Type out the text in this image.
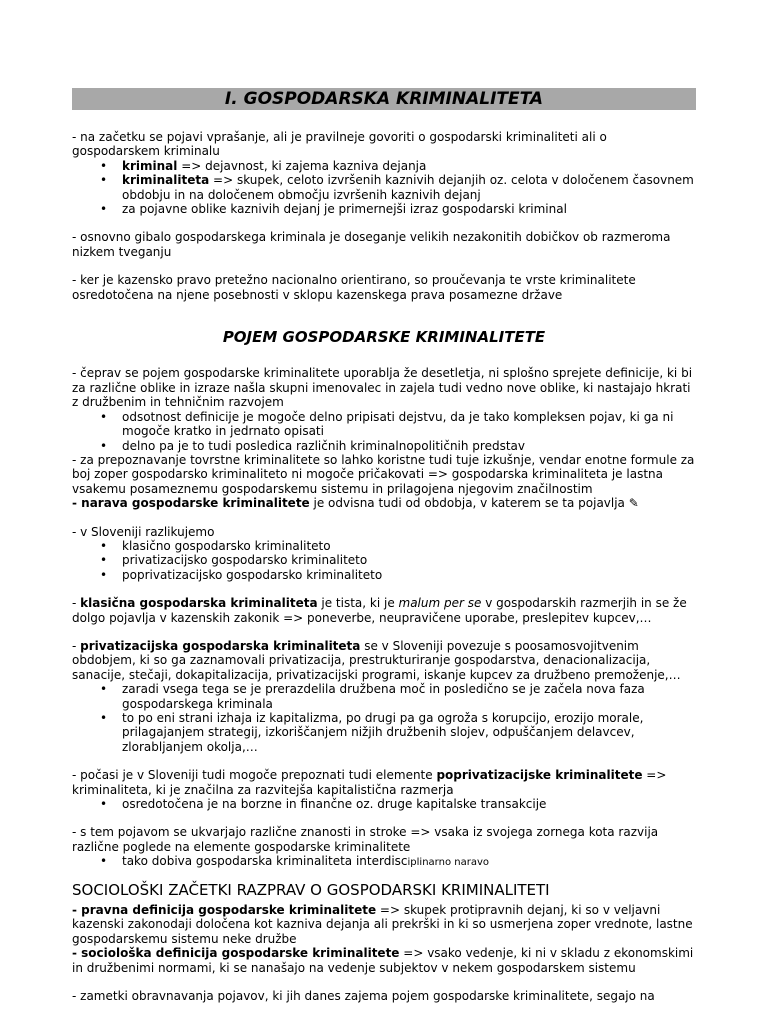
I. GOSPODARSKA KRIMINALITETA

- na začetku se pojavi vprašanje, ali je pravilneje govoriti o gospodarski kriminaliteti ali o gospodarskem kriminalu

• kriminal => dejavnost, ki zajema kazniva dejanja
• kriminaliteta => skupek, celoto izvršenih kaznivih dejanjih oz. celota v določenem časovnem obdobju in na določenem območju izvršenih kaznivih dejanj
• za pojavne oblike kaznivih dejanj je primernejši izraz gospodarski kriminal

- osnovno gibalo gospodarskega kriminala je doseganje velikih nezakonitih dobičkov ob razmeroma nizkem tveganju

- ker je kazensko pravo pretežno nacionalno orientirano, so proučevanja te vrste kriminalitete osredotočena na njene posebnosti v sklopu kazenskega prava posamezne države

POJEM GOSPODARSKE KRIMINALITETE

- čeprav se pojem gospodarske kriminalitete uporablja že desetletja, ni splošno sprejete definicije, ki bi za različne oblike in izraze našla skupni imenovalec in zajela tudi vedno nove oblike, ki nastajajo hkrati z družbenim in tehničnim razvojem

• odsotnost definicije je mogoče delno pripisati dejstvu, da je tako kompleksen pojav, ki ga ni mogoče kratko in jedrnato opisati
• delno pa je to tudi posledica različnih kriminalnopolitičnih predstav

- za prepoznavanje tovrstne kriminalitete so lahko koristne tudi tuje izkušnje, vendar enotne formule za boj zoper gospodarsko kriminaliteto ni mogoče pričakovati => gospodarska kriminaliteta je lastna vsakemu posameznemu gospodarskemu sistemu in prilagojena njegovim značilnostim

- narava gospodarske kriminalitete je odvisna tudi od obdobja, v katerem se ta pojavlja ✎

- v Sloveniji razlikujemo

• klasično gospodarsko kriminaliteto
• privatizacijsko gospodarsko kriminaliteto
• poprivatizacijsko gospodarsko kriminaliteto

- klasična gospodarska kriminaliteta je tista, ki je malum per se v gospodarskih razmerjih in se že dolgo pojavlja v kazenskih zakonik => poneverbe, neupravičene uporabe, preslepitev kupcev,…

- privatizacijska gospodarska kriminaliteta se v Sloveniji povezuje s poosamosvojitvenim obdobjem, ki so ga zaznamovali privatizacija, prestrukturiranje gospodarstva, denacionalizacija, sanacije, stečaji, dokapitalizacija, privatizacijski programi, iskanje kupcev za družbeno premoženje,…

• zaradi vsega tega se je prerazdelila družbena moč in posledično se je začela nova faza gospodarskega kriminala
• to po eni strani izhaja iz kapitalizma, po drugi pa ga ogroža s korupcijo, erozijo morale, prilagajanjem strategij, izkoriščanjem nižjih družbenih slojev, odpuščanjem delavcev, zlorabljanjem okolja,…

- počasi je v Sloveniji tudi mogoče prepoznati tudi elemente poprivatizacijske kriminalitete => kriminaliteta, ki je značilna za razvitejša kapitalistična razmerja

• osredotočena je na borzne in finančne oz. druge kapitalske transakcije

- s tem pojavom se ukvarjajo različne znanosti in stroke => vsaka iz svojega zornega kota razvija različne poglede na elemente gospodarske kriminalitete

• tako dobiva gospodarska kriminaliteta interdisciplinarno naravo

SOCIOLOŠKI ZAČETKI RAZPRAV O GOSPODARSKI KRIMINALITETI

- pravna definicija gospodarske kriminalitete => skupek protipravnih dejanj, ki so v veljavni kazenski zakonodaji določena kot kazniva dejanja ali prekrški in ki so usmerjena zoper vrednote, lastne gospodarskemu sistemu neke družbe

- sociološka definicija gospodarske kriminalitete => vsako vedenje, ki ni v skladu z ekonomskimi in družbenimi normami, ki se nanašajo na vedenje subjektov v nekem gospodarskem sistemu

- zametki obravnavanja pojavov, ki jih danes zajema pojem gospodarske kriminalitete, segajo na
